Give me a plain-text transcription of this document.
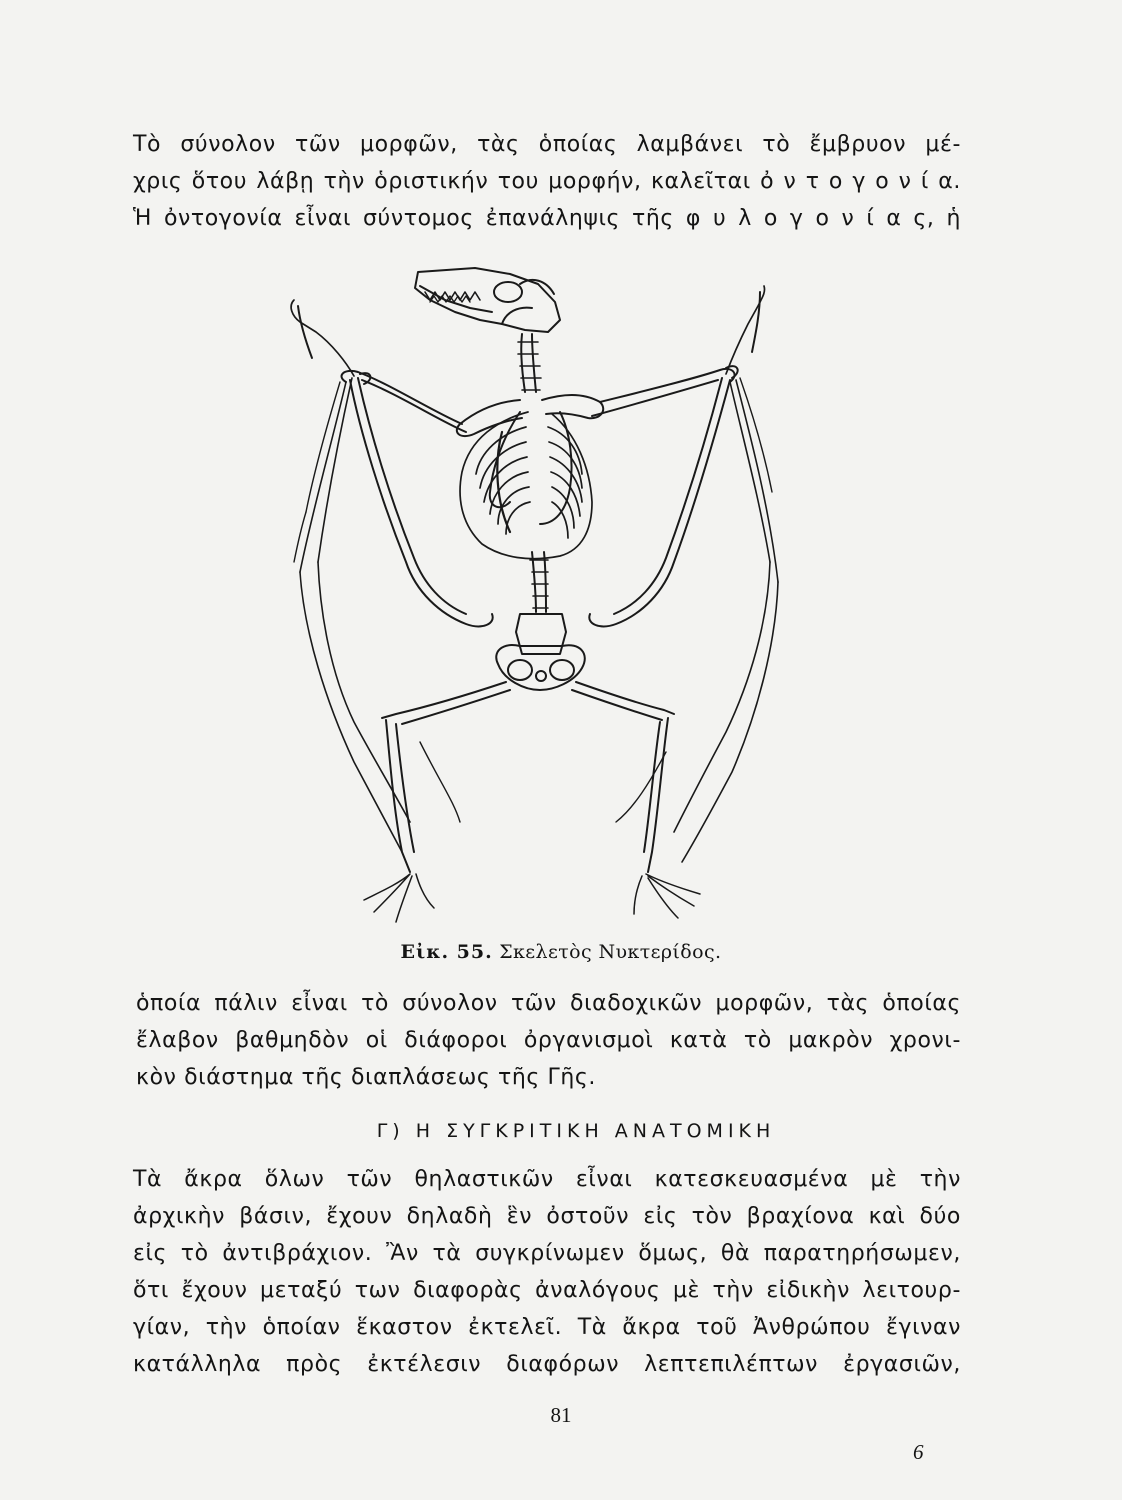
Τὸ σύνολον τῶν μορφῶν, τὰς ὁποίας λαμβάνει τὸ ἔμβρυον μέ-
χρις ὅτου λάβῃ τὴν ὁριστικήν του μορφήν, καλεῖται ὀ ν τ ο γ ο ν ί α.
Ἡ ὀντογονία εἶναι σύντομος ἐπανάληψις τῆς φ υ λ ο γ ο ν ί α ς, ἡ
Εἰκ. 55. Σκελετὸς Νυκτερίδος.
ὁποία πάλιν εἶναι τὸ σύνολον τῶν διαδοχικῶν μορφῶν, τὰς ὁποίας
ἔλαβον βαθμηδὸν οἱ διάφοροι ὀργανισμοὶ κατὰ τὸ μακρὸν χρονι-
κὸν διάστημα τῆς διαπλάσεως τῆς Γῆς.
Γ) Η ΣΥΓΚΡΙΤΙΚΗ ΑΝΑΤΟΜΙΚΗ
Τὰ ἄκρα ὅλων τῶν θηλαστικῶν εἶναι κατεσκευασμένα μὲ τὴν
ἀρχικὴν βάσιν, ἔχουν δηλαδὴ ἓν ὀστοῦν εἰς τὸν βραχίονα καὶ δύο
εἰς τὸ ἀντιβράχιον. Ἂν τὰ συγκρίνωμεν ὅμως, θὰ παρατηρήσωμεν,
ὅτι ἔχουν μεταξύ των διαφορὰς ἀναλόγους μὲ τὴν εἰδικὴν λειτουρ-
γίαν, τὴν ὁποίαν ἕκαστον ἐκτελεῖ. Τὰ ἄκρα τοῦ Ἀνθρώπου ἔγιναν
κατάλληλα πρὸς ἐκτέλεσιν διαφόρων λεπτεπιλέπτων ἐργασιῶν,
81
6
